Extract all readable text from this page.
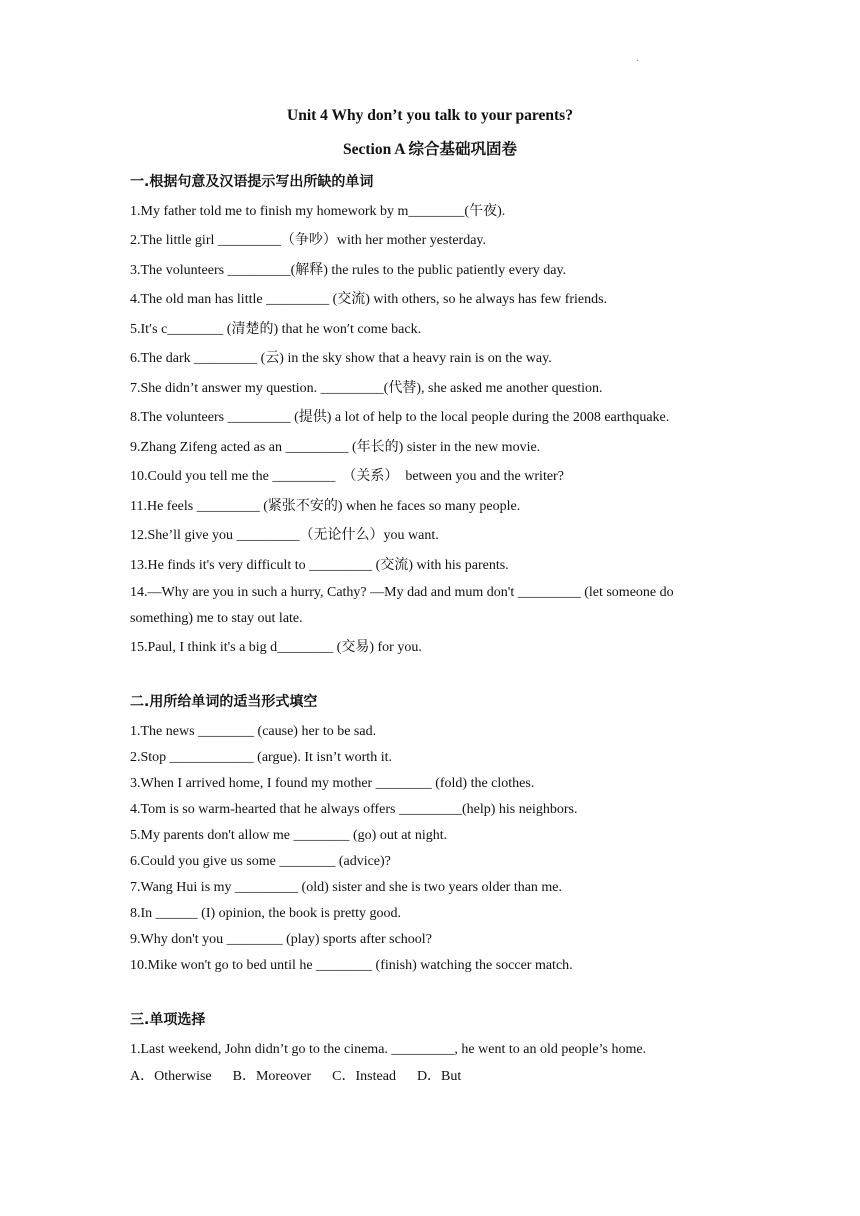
·
Unit 4 Why don’t you talk to your parents?
Section A 综合基础巩固卷
一.根据句意及汉语提示写出所缺的单词
1.My father told me to finish my homework by m________(午夜).
2.The little girl _________（争吵）with her mother yesterday.
3.The volunteers _________(解释) the rules to the public patiently every day.
4.The old man has little _________ (交流) with others, so he always has few friends.
5.It′s c________ (清楚的) that he won′t come back.
6.The dark _________ (云) in the sky show that a heavy rain is on the way.
7.She didn’t answer my question. _________(代替), she asked me another question.
8.The volunteers _________ (提供) a lot of help to the local people during the 2008 earthquake.
9.Zhang Zifeng acted as an _________ (年长的) sister in the new movie.
10.Could you tell me the _________  （关系）  between you and the writer?
11.He feels _________ (紧张不安的) when he faces so many people.
12.She’ll give you _________（无论什么）you want.
13.He finds it's very difficult to _________ (交流) with his parents.
14.—Why are you in such a hurry, Cathy? —My dad and mum don't _________ (let someone do something) me to stay out late.
15.Paul, I think it's a big d________ (交易) for you.
二.用所给单词的适当形式填空
1.The news ________ (cause) her to be sad.
2.Stop ____________ (argue). It isn’t worth it.
3.When I arrived home, I found my mother ________ (fold) the clothes.
4.Tom is so warm-hearted that he always offers _________(help) his neighbors.
5.My parents don't allow me ________ (go) out at night.
6.Could you give us some ________ (advice)?
7.Wang Hui is my _________ (old) sister and she is two years older than me.
8.In ______ (I) opinion, the book is pretty good.
9.Why don't you ________ (play) sports after school?
10.Mike won't go to bed until he ________ (finish) watching the soccer match.
三.单项选择
1.Last weekend, John didn’t go to the cinema. _________, he went to an old people’s home.
A．Otherwise      B．Moreover      C．Instead      D．But
